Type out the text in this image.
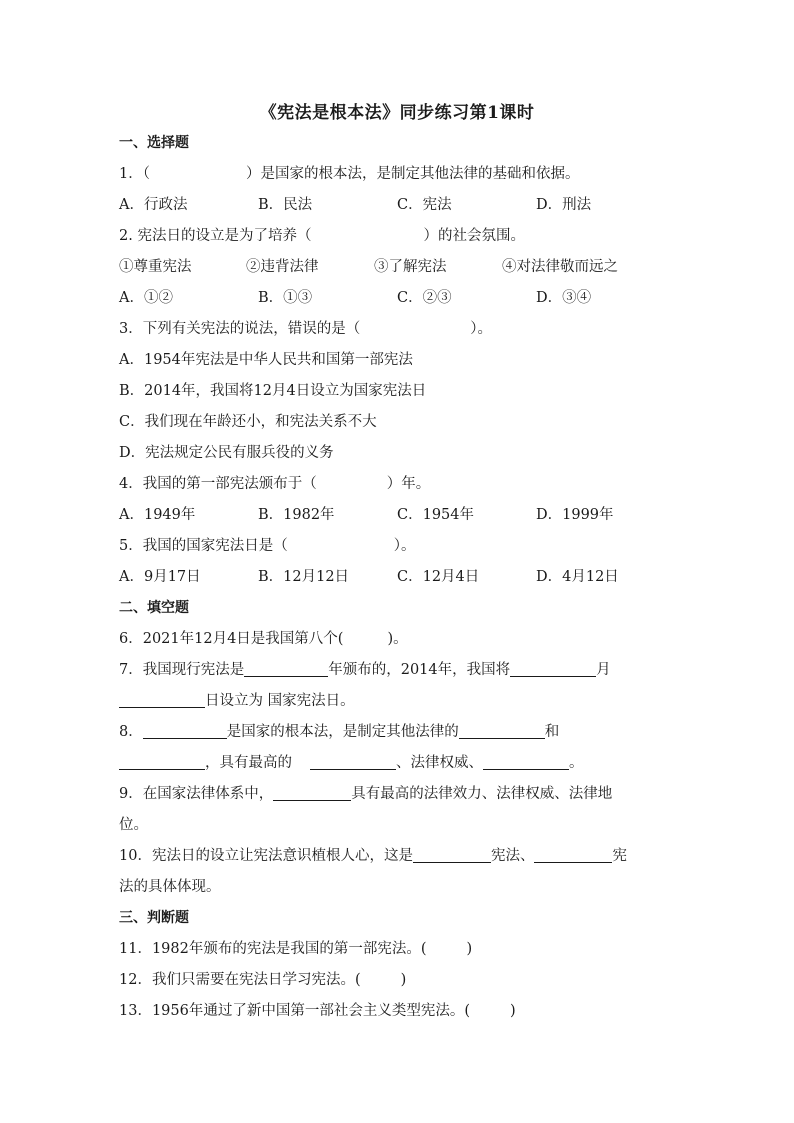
《宪法是根本法》同步练习第1课时
一、选择题
1．（	）是国家的根本法，是制定其他法律的基础和依据。
A．行政法	B．民法	C．宪法	D．刑法
2. 宪法日的设立是为了培养（	）的社会氛围。
①尊重宪法	②违背法律	③了解宪法	④对法律敬而远之
A．①②	B．①③	C．②③	D．③④
3．下列有关宪法的说法，错误的是（	）。
A．1954年宪法是中华人民共和国第一部宪法
B．2014年，我国将12月4日设立为国家宪法日
C．我们现在年龄还小，和宪法关系不大
D．宪法规定公民有服兵役的义务
4．我国的第一部宪法颁布于（	）年。
A．1949年	B．1982年	C．1954年	D．1999年
5．我国的国家宪法日是（	）。
A．9月17日	B．12月12日	C．12月4日	D．4月12日
二、填空题
6．2021年12月4日是我国第八个(	)。
7．我国现行宪法是	年颁布的，2014年，我国将	月
日设立为 国家宪法日。
8．	是国家的根本法，是制定其他法律的	和
，具有最高的	、法律权威、	。
9．在国家法律体系中，	具有最高的法律效力、法律权威、法律地
位。
10．宪法日的设立让宪法意识植根人心，这是	宪法、	宪
法的具体体现。
三、判断题
11．1982年颁布的宪法是我国的第一部宪法。(	)
12．我们只需要在宪法日学习宪法。(	)
13．1956年通过了新中国第一部社会主义类型宪法。(	)
